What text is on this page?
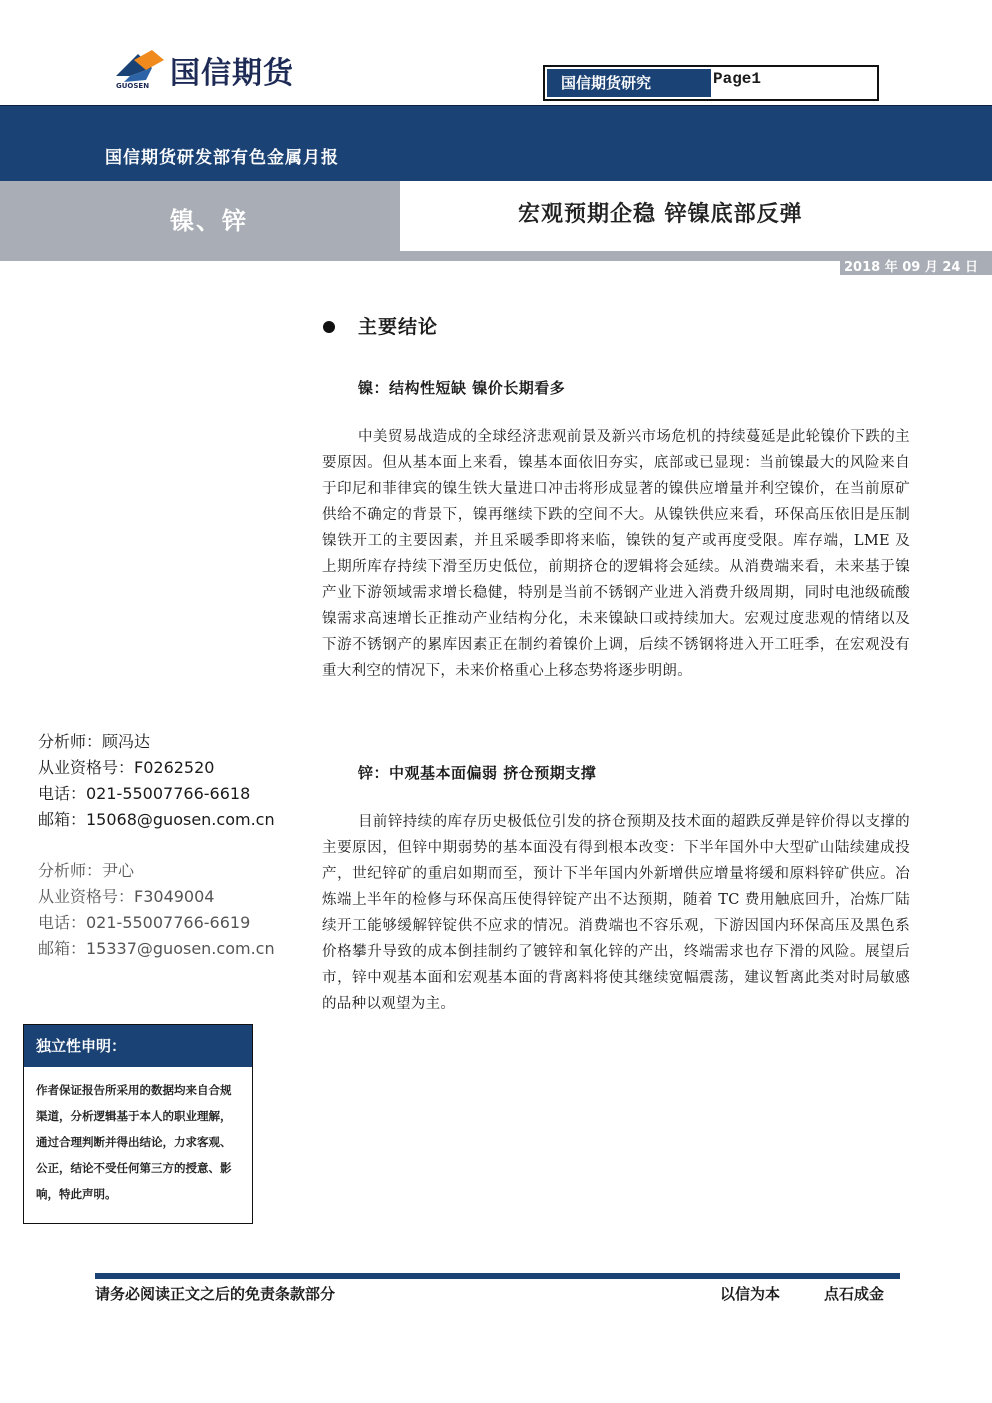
国信期货
GUOSEN	国信期货研究	Page1
国信期货研发部有色金属月报
镍、锌	宏观预期企稳 锌镍底部反弹
2018 年 09 月 24 日
主要结论
镍：结构性短缺 镍价长期看多

中美贸易战造成的全球经济悲观前景及新兴市场危机的持续蔓延是此轮镍价下跌的主要原因。但从基本面上来看，镍基本面依旧夯实，底部或已显现：当前镍最大的风险来自于印尼和菲律宾的镍生铁大量进口冲击将形成显著的镍供应增量并利空镍价，在当前原矿供给不确定的背景下，镍再继续下跌的空间不大。从镍铁供应来看，环保高压依旧是压制镍铁开工的主要因素，并且采暖季即将来临，镍铁的复产或再度受限。库存端，LME 及上期所库存持续下滑至历史低位，前期挤仓的逻辑将会延续。从消费端来看，未来基于镍产业下游领域需求增长稳健，特别是当前不锈钢产业进入消费升级周期，同时电池级硫酸镍需求高速增长正推动产业结构分化，未来镍缺口或持续加大。宏观过度悲观的情绪以及下游不锈钢产的累库因素正在制约着镍价上调，后续不锈钢将进入开工旺季，在宏观没有重大利空的情况下，未来价格重心上移态势将逐步明朗。

锌：中观基本面偏弱 挤仓预期支撑

目前锌持续的库存历史极低位引发的挤仓预期及技术面的超跌反弹是锌价得以支撑的主要原因，但锌中期弱势的基本面没有得到根本改变：下半年国外中大型矿山陆续建成投产，世纪锌矿的重启如期而至，预计下半年国内外新增供应增量将缓和原料锌矿供应。冶炼端上半年的检修与环保高压使得锌锭产出不达预期，随着 TC 费用触底回升，冶炼厂陆续开工能够缓解锌锭供不应求的情况。消费端也不容乐观，下游因国内环保高压及黑色系价格攀升导致的成本倒挂制约了镀锌和氧化锌的产出，终端需求也存下滑的风险。展望后市，锌中观基本面和宏观基本面的背离料将使其继续宽幅震荡，建议暂离此类对时局敏感的品种以观望为主。

分析师：顾冯达
从业资格号：F0262520
电话：021-55007766-6618
邮箱：15068@guosen.com.cn
分析师：尹心
从业资格号：F3049004
电话：021-55007766-6619
邮箱：15337@guosen.com.cn
独立性申明：
作者保证报告所采用的数据均来自合规渠道，分析逻辑基于本人的职业理解，通过合理判断并得出结论，力求客观、公正，结论不受任何第三方的授意、影响，特此声明。
请务必阅读正文之后的免责条款部分	以信为本	点石成金
